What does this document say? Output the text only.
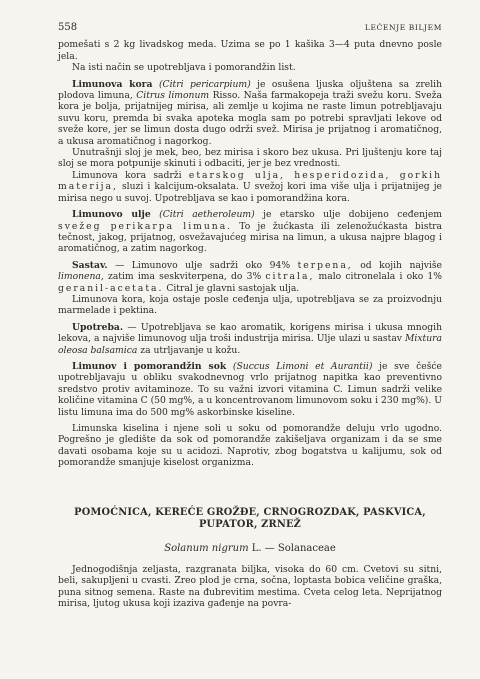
558	LEĆENJE BILJEM

pomešati s 2 kg livadskog meda. Uzima se po 1 kašika 3—4 puta dnevno posle jela.

Na isti način se upotrebljava i pomorandžin list.

Limunova kora (Citri pericarpium) je osušena ljuska oljuštena sa zrelih plodova limuna, Citrus limonum Risso. Naša farmakopeja traži svežu koru. Sveža kora je bolja, prijatnijeg mirisa, ali zemlje u kojima ne raste limun potrebljavaju suvu koru, premda bi svaka apoteka mogla sam po potrebi spravljati lekove od sveže kore, jer se limun dosta dugo održi svež. Mirisa je prijatnog i aromatičnog, a ukusa aromatičnog i nagorkog.

Unutrašnji sloj je mek, beo, bez mirisa i skoro bez ukusa. Pri ljuštenju kore taj sloj se mora potpunije skinuti i odbaciti, jer je bez vrednosti.

Limunova kora sadrži etarskog ulja, hesperidozida, gorkih materija, sluzi i kalcijum-oksalata. U svežoj kori ima više ulja i prijatnijeg je mirisa nego u suvoj. Upotrebljava se kao i pomorandžina kora.

Limunovo ulje (Citri aetheroleum) je etarsko ulje dobijeno ceđenjem svežeg perikarpa limuna. To je žućkasta ili zelenožućkasta bistra tečnost, jakog, prijatnog, osvežavajućeg mirisa na limun, a ukusa najpre blagog i aromatičnog, a zatim nagorkog.

Sastav. — Limunovo ulje sadrži oko 94% terpena, od kojih najviše limonena, zatim ima seskviterpena, do 3% citrala, malo citronelala i oko 1% geranil-acetata. Citral je glavni sastojak ulja.

Limunova kora, koja ostaje posle ceđenja ulja, upotrebljava se za proizvodnju marmelade i pektina.

Upotreba. — Upotrebljava se kao aromatik, korigens mirisa i ukusa mnogih lekova, a najviše limunovog ulja troši industrija mirisa. Ulje ulazi u sastav Mixtura oleosa balsamica za utrljavanje u kožu.

Limunov i pomorandžin sok (Succus Limoni et Aurantii) je sve češće upotrebljavaju u obliku svakodnevnog vrlo prijatnog napitka kao preventivno sredstvo protiv avitaminoze. To su važni izvori vitamina C. Limun sadrži velike količine vitamina C (50 mg%, a u koncentrovanom limunovom soku i 230 mg%). U listu limuna ima do 500 mg% askorbinske kiseline.

Limunska kiselina i njene soli u soku od pomorandže deluju vrlo ugodno. Pogrešno je gledište da sok od pomorandže zakišeljava organizam i da se sme davati osobama koje su u acidozi. Naprotiv, zbog bogatstva u kalijumu, sok od pomorandže smanjuje kiselost organizma.

POMOĆNICA, KEREĆE GROŽĐE, CRNOGROZDAK, PASKVICA, PUPATOR, ZRNEŽ
Solanum nigrum L. — Solanaceae

Jednogodišnja zeljasta, razgranata biljka, visoka do 60 cm. Cvetovi su sitni, beli, sakupljeni u cvasti. Zreo plod je crna, sočna, loptasta bobica veličine graška, puna sitnog semena. Raste na đubrevitim mestima. Cveta celog leta. Neprijatnog mirisa, ljutog ukusa koji izaziva gađenje na povra-
